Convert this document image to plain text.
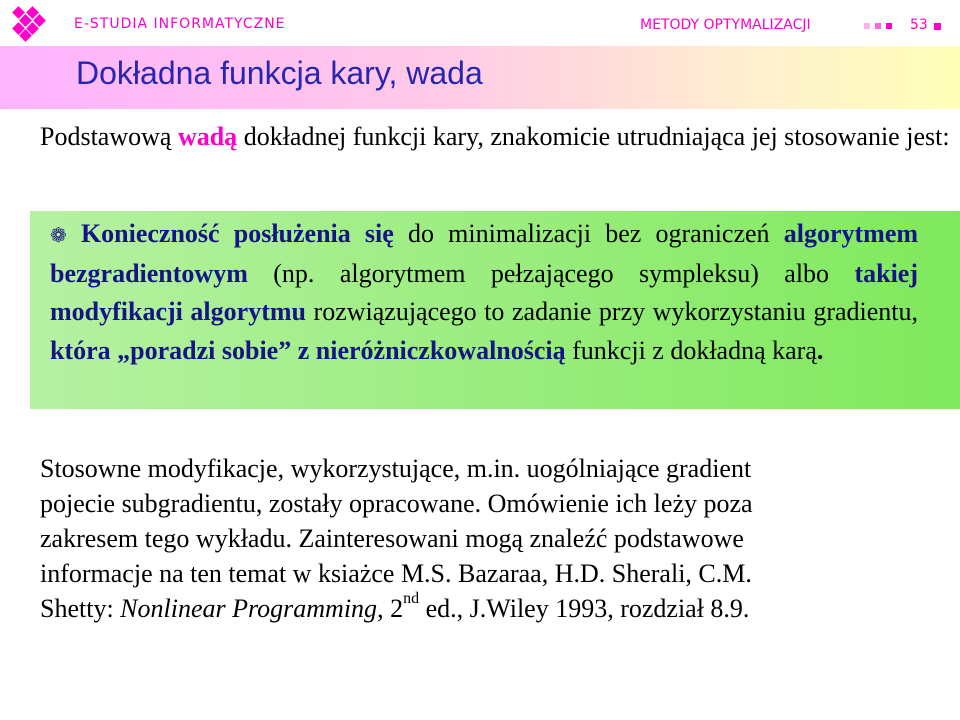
E-STUDIA INFORMATYCZNE	METODY OPTYMALIZACJI	53
Dokładna funkcja kary, wada
Podstawową wadą dokładnej funkcji kary, znakomicie utrudniająca jej stosowanie jest:
❁ Konieczność posłużenia się do minimalizacji bez ograniczeń algorytmem bezgradientowym (np. algorytmem pełzającego sympleksu) albo takiej modyfikacji algorytmu rozwiązującego to zadanie przy wykorzystaniu gradientu, która „poradzi sobie” z nieróżniczkowalnością funkcji z dokładną karą.
Stosowne modyfikacje, wykorzystujące, m.in. uogólniające gradient
pojecie subgradientu, zostały opracowane. Omówienie ich leży poza
zakresem tego wykładu. Zainteresowani mogą znaleźć podstawowe
informacje na ten temat w ksiażce M.S. Bazaraa, H.D. Sherali, C.M.
Shetty: Nonlinear Programming, 2nd ed., J.Wiley 1993, rozdział 8.9.
